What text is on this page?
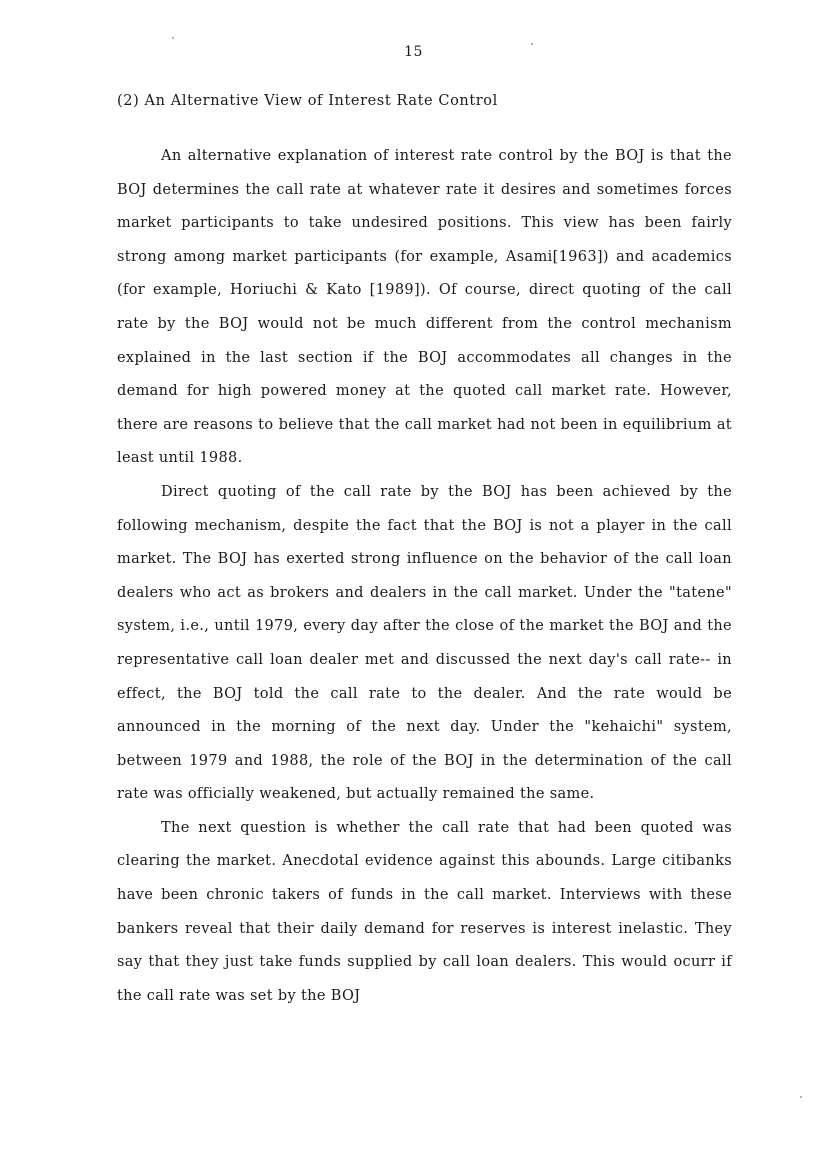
15
(2) An Alternative View of Interest Rate Control

An alternative explanation of interest rate control by the BOJ is that the BOJ determines the call rate at whatever rate it desires and sometimes forces market participants to take undesired positions. This view has been fairly strong among market participants (for example, Asami[1963]) and academics (for example, Horiuchi & Kato [1989]). Of course, direct quoting of the call rate by the BOJ would not be much different from the control mechanism explained in the last section if the BOJ accommodates all changes in the demand for high powered money at the quoted call market rate. However, there are reasons to believe that the call market had not been in equilibrium at least until 1988.

Direct quoting of the call rate by the BOJ has been achieved by the following mechanism, despite the fact that the BOJ is not a player in the call market. The BOJ has exerted strong influence on the behavior of the call loan dealers who act as brokers and dealers in the call market. Under the "tatene" system, i.e., until 1979, every day after the close of the market the BOJ and the representative call loan dealer met and discussed the next day's call rate-- in effect, the BOJ told the call rate to the dealer. And the rate would be announced in the morning of the next day. Under the "kehaichi" system, between 1979 and 1988, the role of the BOJ in the determination of the call rate was officially weakened, but actually remained the same.

The next question is whether the call rate that had been quoted was clearing the market. Anecdotal evidence against this abounds. Large citibanks have been chronic takers of funds in the call market. Interviews with these bankers reveal that their daily demand for reserves is interest inelastic. They say that they just take funds supplied by call loan dealers. This would ocurr if the call rate was set by the BOJ
